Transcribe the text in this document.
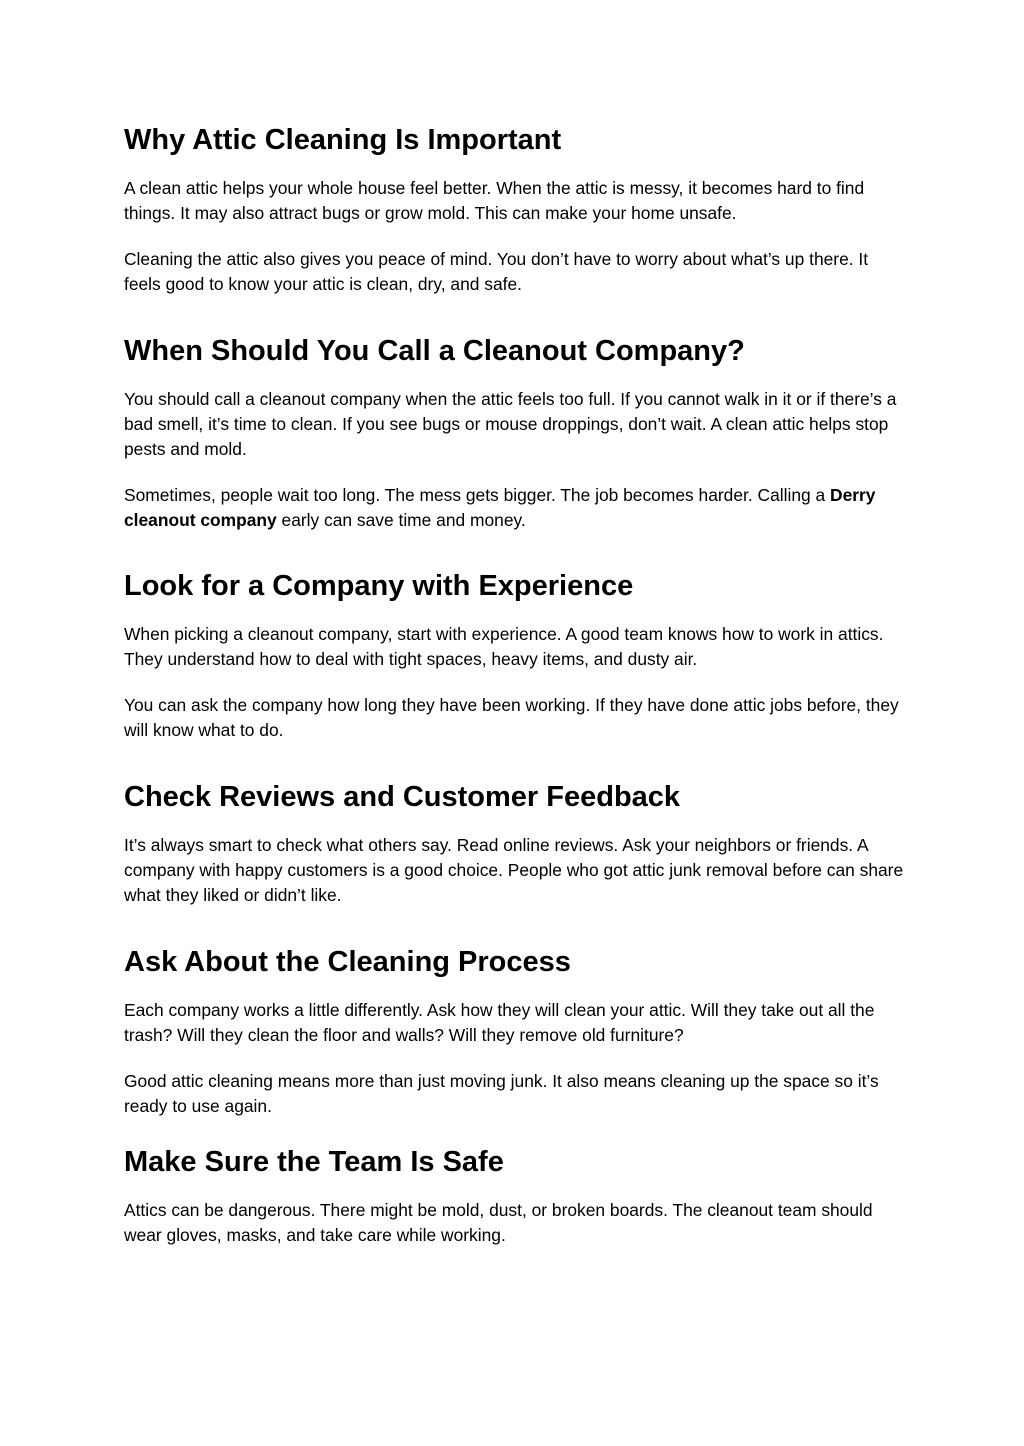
Why Attic Cleaning Is Important

A clean attic helps your whole house feel better. When the attic is messy, it becomes hard to find things. It may also attract bugs or grow mold. This can make your home unsafe.

Cleaning the attic also gives you peace of mind. You don’t have to worry about what’s up there. It feels good to know your attic is clean, dry, and safe.

When Should You Call a Cleanout Company?

You should call a cleanout company when the attic feels too full. If you cannot walk in it or if there’s a bad smell, it’s time to clean. If you see bugs or mouse droppings, don’t wait. A clean attic helps stop pests and mold.

Sometimes, people wait too long. The mess gets bigger. The job becomes harder. Calling a Derry cleanout company early can save time and money.

Look for a Company with Experience

When picking a cleanout company, start with experience. A good team knows how to work in attics. They understand how to deal with tight spaces, heavy items, and dusty air.

You can ask the company how long they have been working. If they have done attic jobs before, they will know what to do.

Check Reviews and Customer Feedback

It’s always smart to check what others say. Read online reviews. Ask your neighbors or friends. A company with happy customers is a good choice. People who got attic junk removal before can share what they liked or didn’t like.

Ask About the Cleaning Process

Each company works a little differently. Ask how they will clean your attic. Will they take out all the trash? Will they clean the floor and walls? Will they remove old furniture?

Good attic cleaning means more than just moving junk. It also means cleaning up the space so it’s ready to use again.

Make Sure the Team Is Safe

Attics can be dangerous. There might be mold, dust, or broken boards. The cleanout team should wear gloves, masks, and take care while working.
